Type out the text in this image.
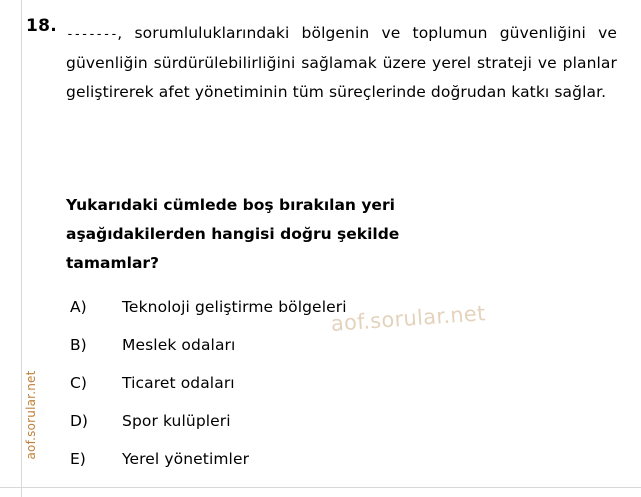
aof.sorular.net
aof.sorular.net
18. -------, sorumluluklarındaki bölgenin ve toplumun güvenliğini ve güvenliğin sürdürülebilirliğini sağlamak üzere yerel strateji ve planlar geliştirerek afet yönetiminin tüm süreçlerinde doğrudan katkı sağlar.
Yukarıdaki cümlede boş bırakılan yeri
aşağıdakilerden hangisi doğru şekilde
tamamlar?
A)	Teknoloji geliştirme bölgeleri
B)	Meslek odaları
C)	Ticaret odaları
D)	Spor kulüpleri
E)	Yerel yönetimler
